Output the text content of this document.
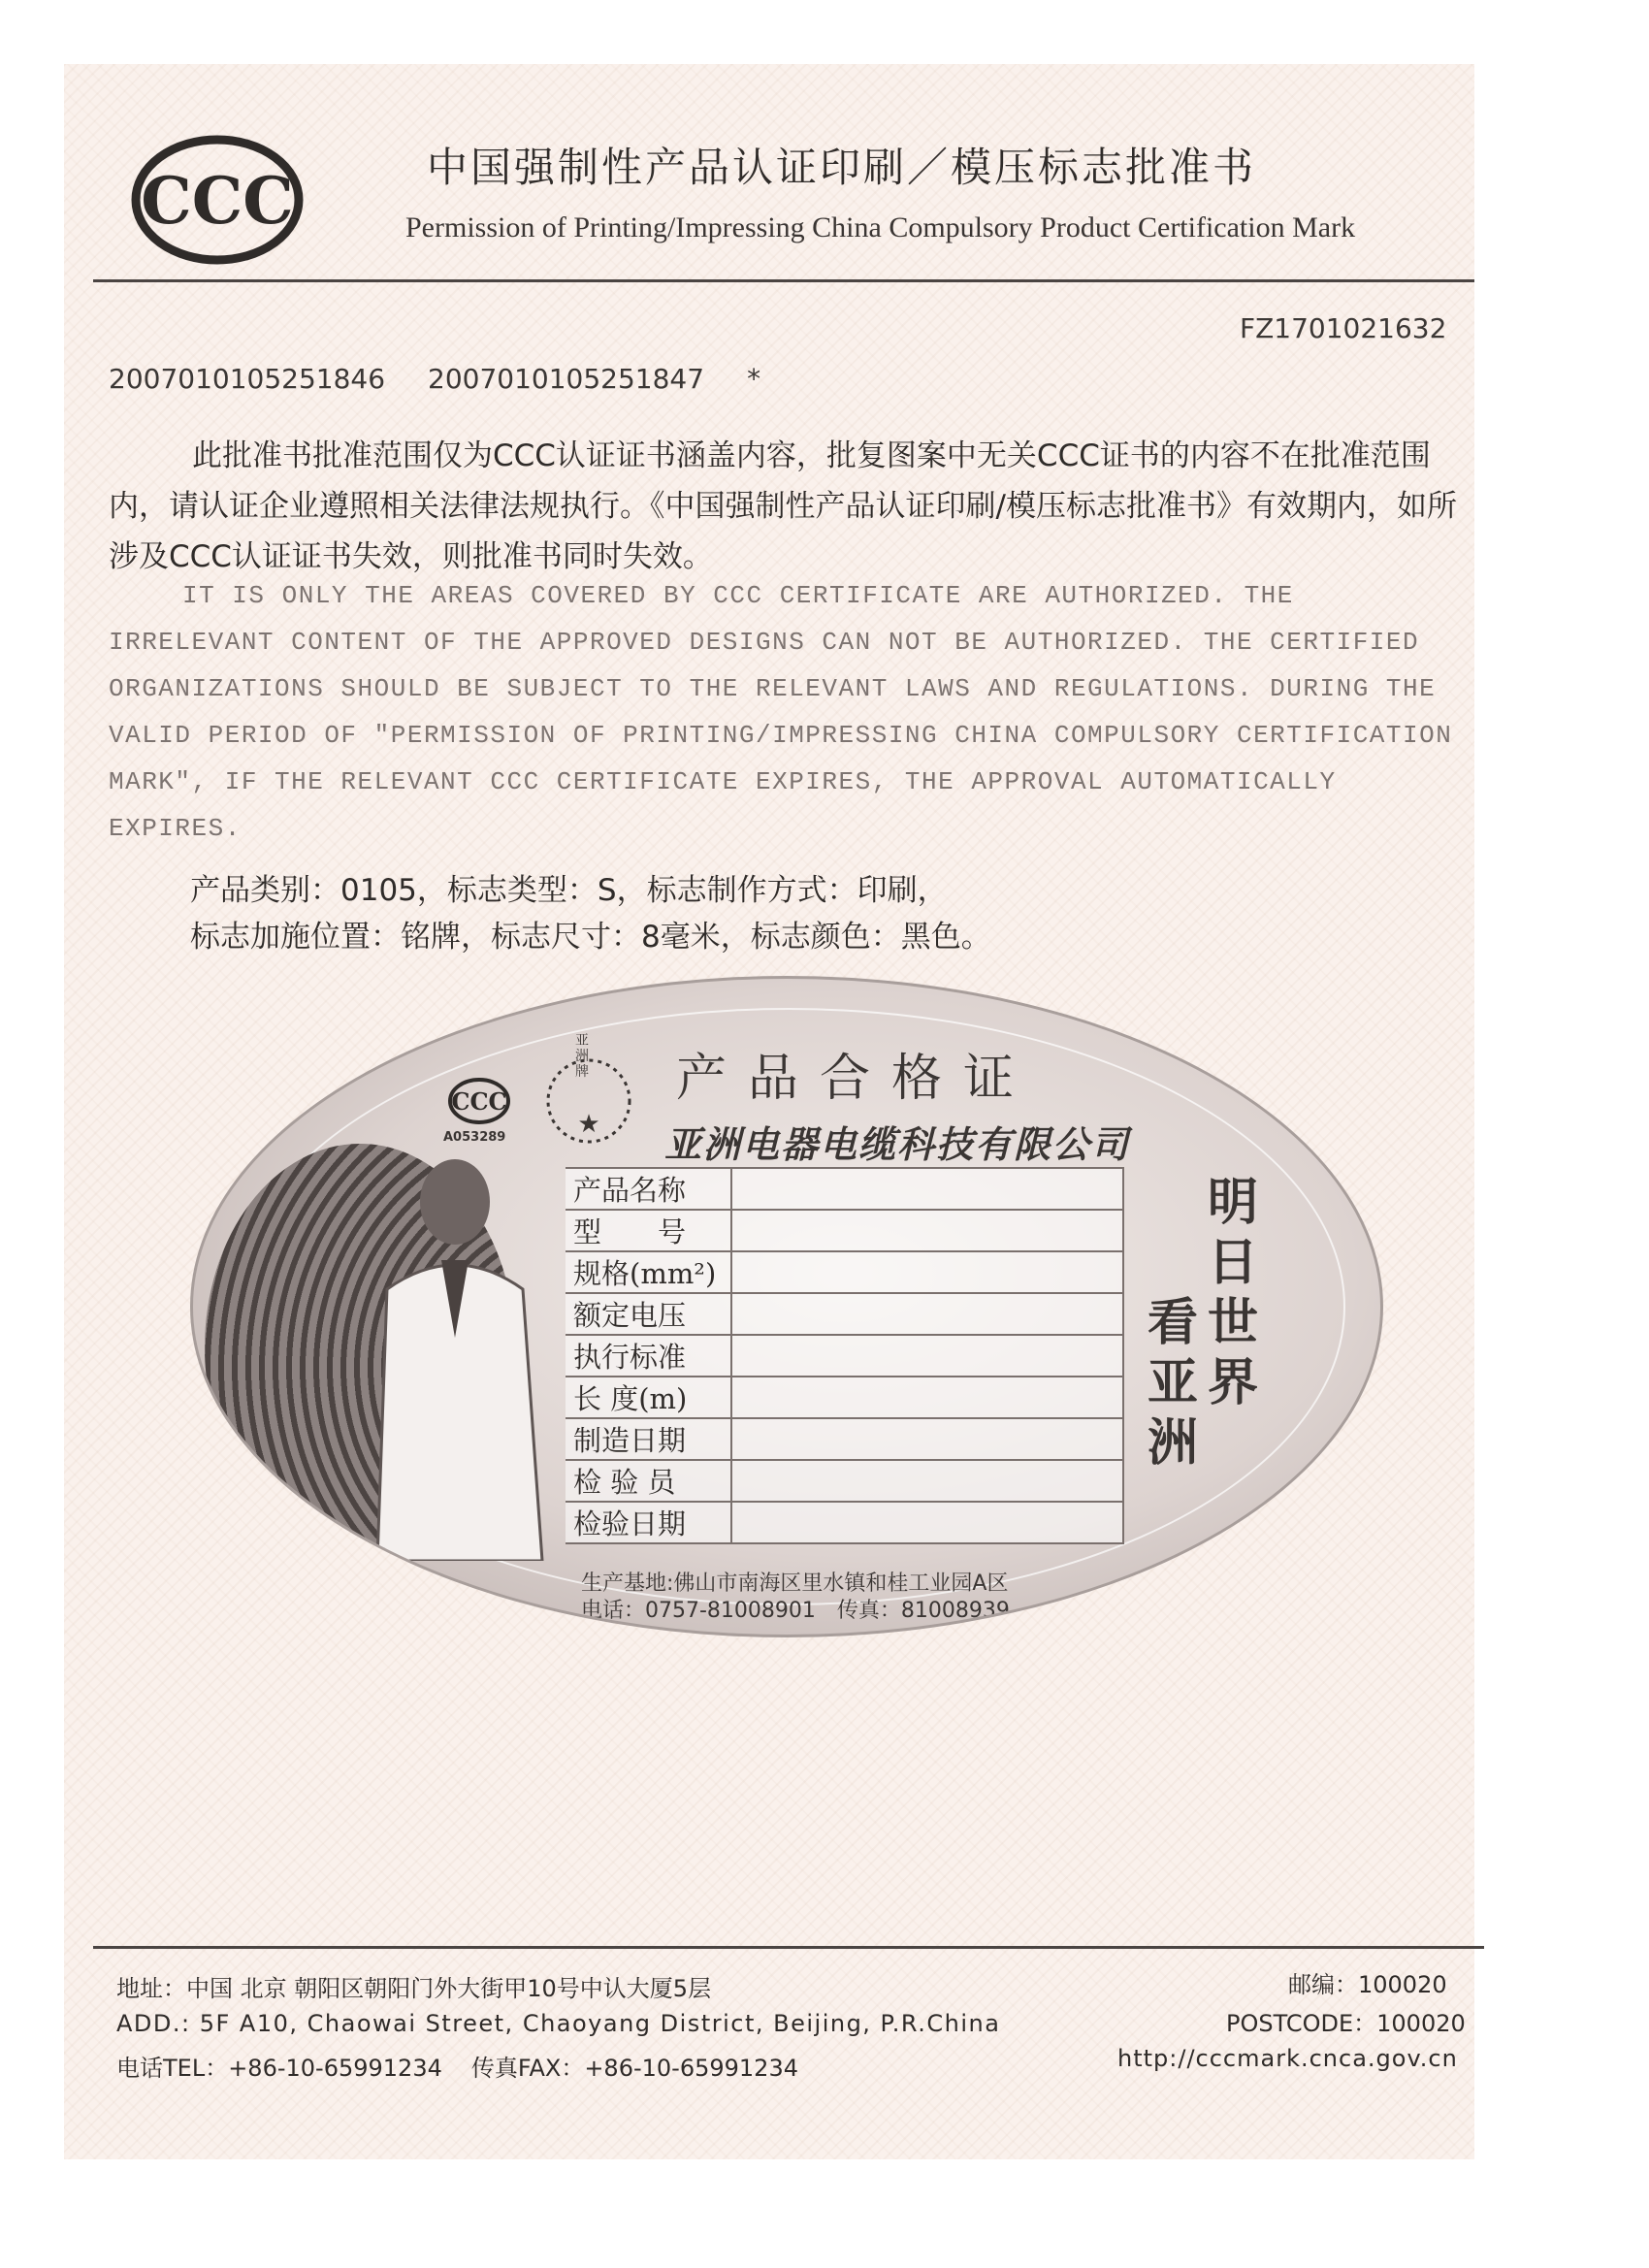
CCC	中国强制性产品认证印刷／模压标志批准书
Permission of Printing/Impressing China Compulsory Product Certification Mark
FZ1701021632
2007010105251846 2007010105251847 *
此批准书批准范围仅为CCC认证证书涵盖内容，批复图案中无关CCC证书的内容不在批准范围内，请认证企业遵照相关法律法规执行。《中国强制性产品认证印刷/模压标志批准书》有效期内，如所涉及CCC认证证书失效，则批准书同时失效。
IT IS ONLY THE AREAS COVERED BY CCC CERTIFICATE ARE AUTHORIZED. THE IRRELEVANT CONTENT OF THE APPROVED DESIGNS CAN NOT BE AUTHORIZED. THE CERTIFIED ORGANIZATIONS SHOULD BE SUBJECT TO THE RELEVANT LAWS AND REGULATIONS. DURING THE VALID PERIOD OF "PERMISSION OF PRINTING/IMPRESSING CHINA COMPULSORY CERTIFICATION MARK", IF THE RELEVANT CCC CERTIFICATE EXPIRES, THE APPROVAL AUTOMATICALLY EXPIRES.
产品类别：0105，标志类型：S，标志制作方式：印刷，
标志加施位置：铭牌，标志尺寸：8毫米，标志颜色：黑色。
CCC
A053289	★
亚洲牌 产品合格证
亚洲电器电缆科技有限公司
产品名称	
型　　号	
规格(mm²)	
额定电压	
执行标准	
长 度(m)	
制造日期	
检 验 员	
检验日期	
明日世界
看亚洲
生产基地:佛山市南海区里水镇和桂工业园A区
电话：0757-81008901　传真：81008939
地址：中国 北京 朝阳区朝阳门外大街甲10号中认大厦5层
ADD.: 5F A10, Chaowai Street, Chaoyang District, Beijing, P.R.China
电话TEL：+86-10-65991234 传真FAX：+86-10-65991234
邮编：100020
POSTCODE：100020
http://cccmark.cnca.gov.cn
